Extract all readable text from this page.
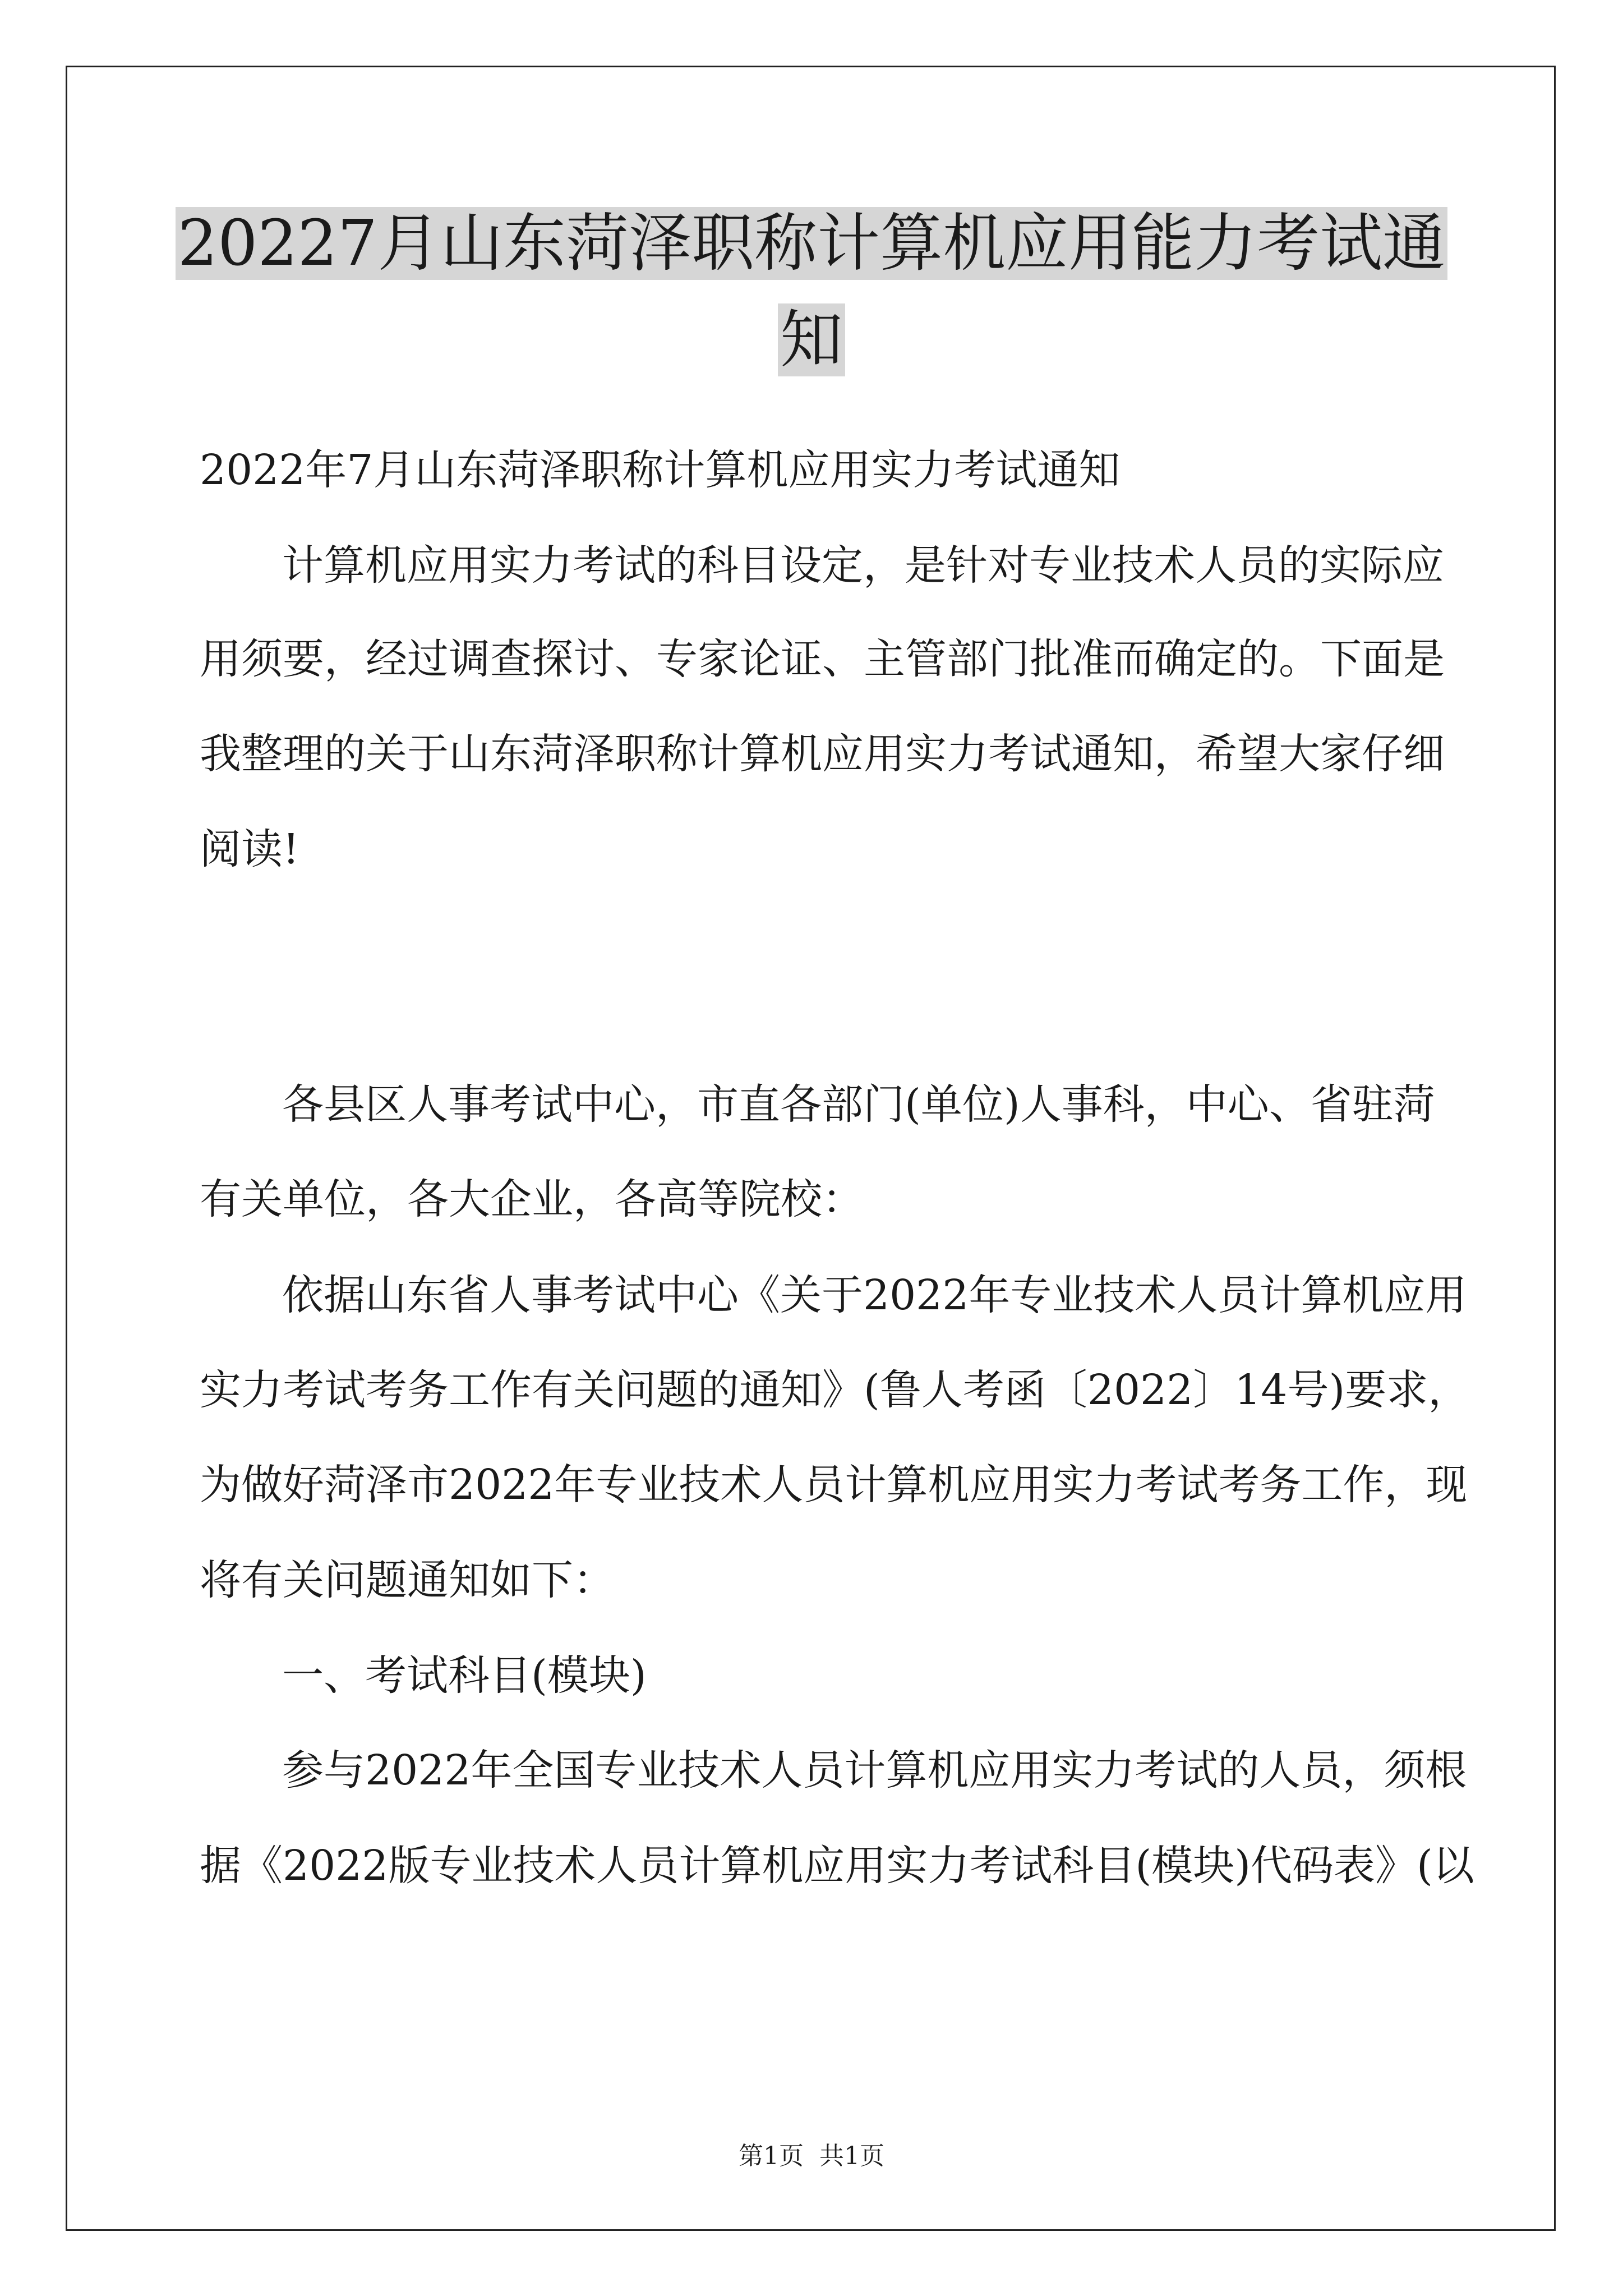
20227月山东菏泽职称计算机应用能力考试通
知
2022年7月山东菏泽职称计算机应用实力考试通知
计算机应用实力考试的科目设定，是针对专业技术人员的实际应
用须要，经过调查探讨、专家论证、主管部门批准而确定的。下面是
我整理的关于山东菏泽职称计算机应用实力考试通知，希望大家仔细
阅读!
各县区人事考试中心，市直各部门(单位)人事科，中心、省驻菏
有关单位，各大企业，各高等院校：
依据山东省人事考试中心《关于2022年专业技术人员计算机应用
实力考试考务工作有关问题的通知》(鲁人考函〔2022〕14号)要求，
为做好菏泽市2022年专业技术人员计算机应用实力考试考务工作，现
将有关问题通知如下：
一、考试科目(模块)
参与2022年全国专业技术人员计算机应用实力考试的人员，须根
据《2022版专业技术人员计算机应用实力考试科目(模块)代码表》(以
第1页 共1页
